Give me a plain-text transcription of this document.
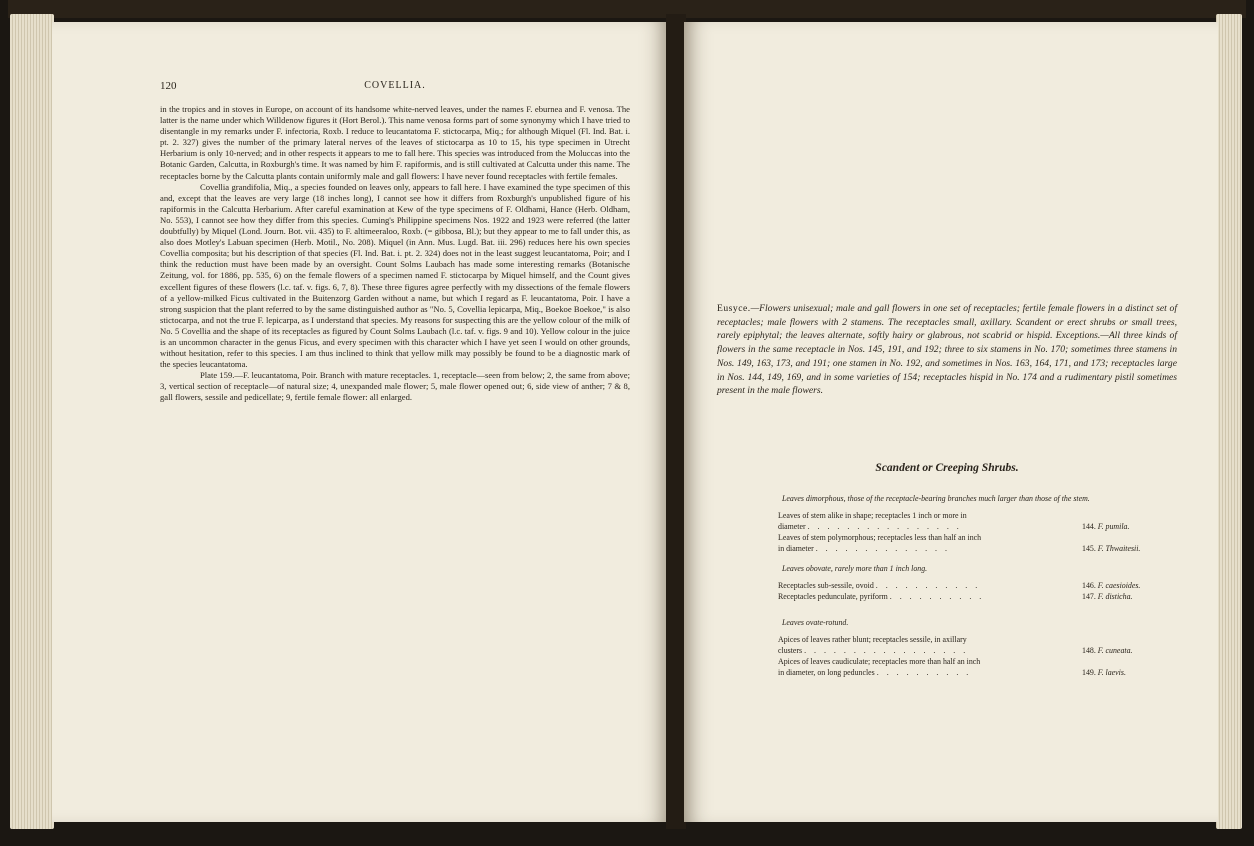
120	COVELLIA.

in the tropics and in stoves in Europe, on account of its handsome white-nerved leaves, under the names F. eburnea and F. venosa. The latter is the name under which Willdenow figures it (Hort Berol.). This name venosa forms part of some synonymy which I have tried to disentangle in my remarks under F. infectoria, Roxb. I reduce to leucantatoma F. stictocarpa, Miq.; for although Miquel (Fl. Ind. Bat. i. pt. 2. 327) gives the number of the primary lateral nerves of the leaves of stictocarpa as 10 to 15, his type specimen in Utrecht Herbarium is only 10-nerved; and in other respects it appears to me to fall here. This species was introduced from the Moluccas into the Botanic Garden, Calcutta, in Roxburgh's time. It was named by him F. rapiformis, and is still cultivated at Calcutta under this name. The receptacles borne by the Calcutta plants contain uniformly male and gall flowers: I have never found receptacles with fertile females.

Covellia grandifolia, Miq., a species founded on leaves only, appears to fall here. I have examined the type specimen of this and, except that the leaves are very large (18 inches long), I cannot see how it differs from Roxburgh's unpublished figure of his rapiformis in the Calcutta Herbarium. After careful examination at Kew of the type specimens of F. Oldhami, Hance (Herb. Oldham, No. 553), I cannot see how they differ from this species. Cuming's Philippine specimens Nos. 1922 and 1923 were referred (the latter doubtfully) by Miquel (Lond. Journ. Bot. vii. 435) to F. altimeeraloo, Roxb. (= gibbosa, Bl.); but they appear to me to fall under this, as also does Motley's Labuan specimen (Herb. Motil., No. 208). Miquel (in Ann. Mus. Lugd. Bat. iii. 296) reduces here his own species Covellia composita; but his description of that species (Fl. Ind. Bat. i. pt. 2. 324) does not in the least suggest leucantatoma, Poir; and I think the reduction must have been made by an oversight. Count Solms Laubach has made some interesting remarks (Botanische Zeitung, vol. for 1886, pp. 535, 6) on the female flowers of a specimen named F. stictocarpa by Miquel himself, and the Count gives excellent figures of these flowers (l.c. taf. v. figs. 6, 7, 8). These three figures agree perfectly with my dissections of the female flowers of a yellow-milked Ficus cultivated in the Buitenzorg Garden without a name, but which I regard as F. leucantatoma, Poir. I have a strong suspicion that the plant referred to by the same distinguished author as "No. 5, Covellia lepicarpa, Miq., Boekoe Boekoe," is also stictocarpa, and not the true F. lepicarpa, as I understand that species. My reasons for suspecting this are the yellow colour of the milk of No. 5 Covellia and the shape of its receptacles as figured by Count Solms Laubach (l.c. taf. v. figs. 9 and 10). Yellow colour in the juice is an uncommon character in the genus Ficus, and every specimen with this character which I have yet seen I would on other grounds, without hesitation, refer to this species. I am thus inclined to think that yellow milk may possibly be found to be a diagnostic mark of the species leucantatoma.

Plate 159.—F. leucantatoma, Poir. Branch with mature receptacles. 1, receptacle—seen from below; 2, the same from above; 3, vertical section of receptacle—of natural size; 4, unexpanded male flower; 5, male flower opened out; 6, side view of anther; 7 & 8, gall flowers, sessile and pedicellate; 9, fertile female flower: all enlarged.

Eusyce.—Flowers unisexual; male and gall flowers in one set of receptacles; fertile female flowers in a distinct set of receptacles; male flowers with 2 stamens. The receptacles small, axillary. Scandent or erect shrubs or small trees, rarely epiphytal; the leaves alternate, softly hairy or glabrous, not scabrid or hispid. Exceptions.—All three kinds of flowers in the same receptacle in Nos. 145, 191, and 192; three to six stamens in No. 170; sometimes three stamens in Nos. 149, 163, 173, and 191; one stamen in No. 192, and sometimes in Nos. 163, 164, 171, and 173; receptacles large in Nos. 144, 149, 169, and in some varieties of 154; receptacles hispid in No. 174 and a rudimentary pistil sometimes present in the male flowers.
Scandent or Creeping Shrubs.

Leaves dimorphous, those of the receptacle-bearing branches much larger than those of the stem.

Leaves of stem alike in shape; receptacles 1 inch or more in
diameter . . . . . . . . . . . . . . . .	144. F. pumila.
Leaves of stem polymorphous; receptacles less than half an inch
in diameter . . . . . . . . . . . . . .	145. F. Thwaitesii.

Leaves obovate, rarely more than 1 inch long.

Receptacles sub-sessile, ovoid . . . . . . . . . . .	146. F. caesioides.
Receptacles pedunculate, pyriform . . . . . . . . . .	147. F. disticha.

Leaves ovate-rotund.

Apices of leaves rather blunt; receptacles sessile, in axillary
clusters . . . . . . . . . . . . . . . . .	148. F. cuneata.
Apices of leaves caudiculate; receptacles more than half an inch
in diameter, on long peduncles . . . . . . . . . .	149. F. laevis.
